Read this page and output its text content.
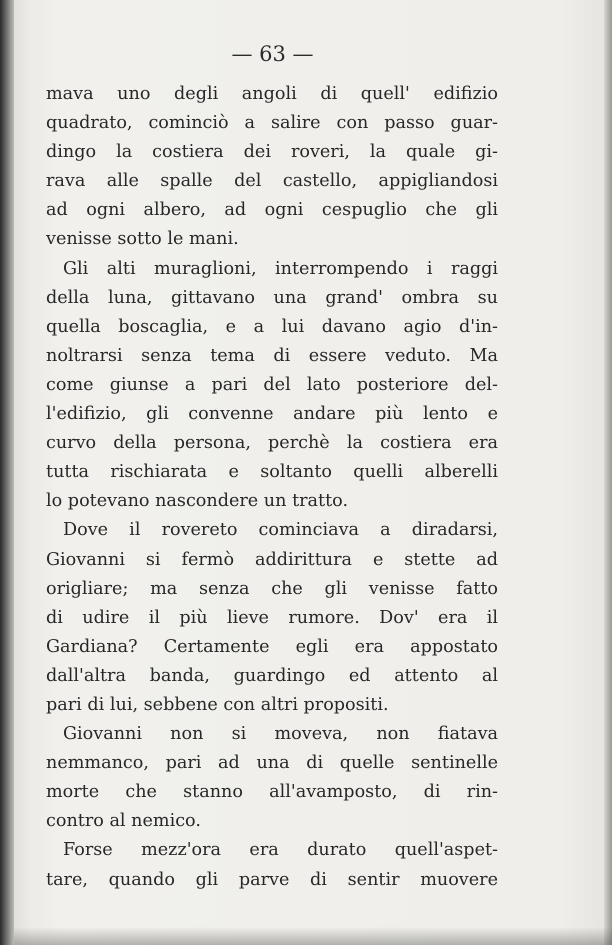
— 63 —
mava uno degli angoli di quell' edifizio
quadrato, cominciò a salire con passo guar-
dingo la costiera dei roveri, la quale gi-
rava alle spalle del castello, appigliandosi
ad ogni albero, ad ogni cespuglio che gli
venisse sotto le mani.
Gli alti muraglioni, interrompendo i raggi
della luna, gittavano una grand' ombra su
quella boscaglia, e a lui davano agio d'in-
noltrarsi senza tema di essere veduto. Ma
come giunse a pari del lato posteriore del-
l'edifizio, gli convenne andare più lento e
curvo della persona, perchè la costiera era
tutta rischiarata e soltanto quelli alberelli
lo potevano nascondere un tratto.
Dove il rovereto cominciava a diradarsi,
Giovanni si fermò addirittura e stette ad
origliare; ma senza che gli venisse fatto
di udire il più lieve rumore. Dov' era il
Gardiana? Certamente egli era appostato
dall'altra banda, guardingo ed attento al
pari di lui, sebbene con altri propositi.
Giovanni non si moveva, non fiatava
nemmanco, pari ad una di quelle sentinelle
morte che stanno all'avamposto, di rin-
contro al nemico.
Forse mezz'ora era durato quell'aspet-
tare, quando gli parve di sentir muovere
